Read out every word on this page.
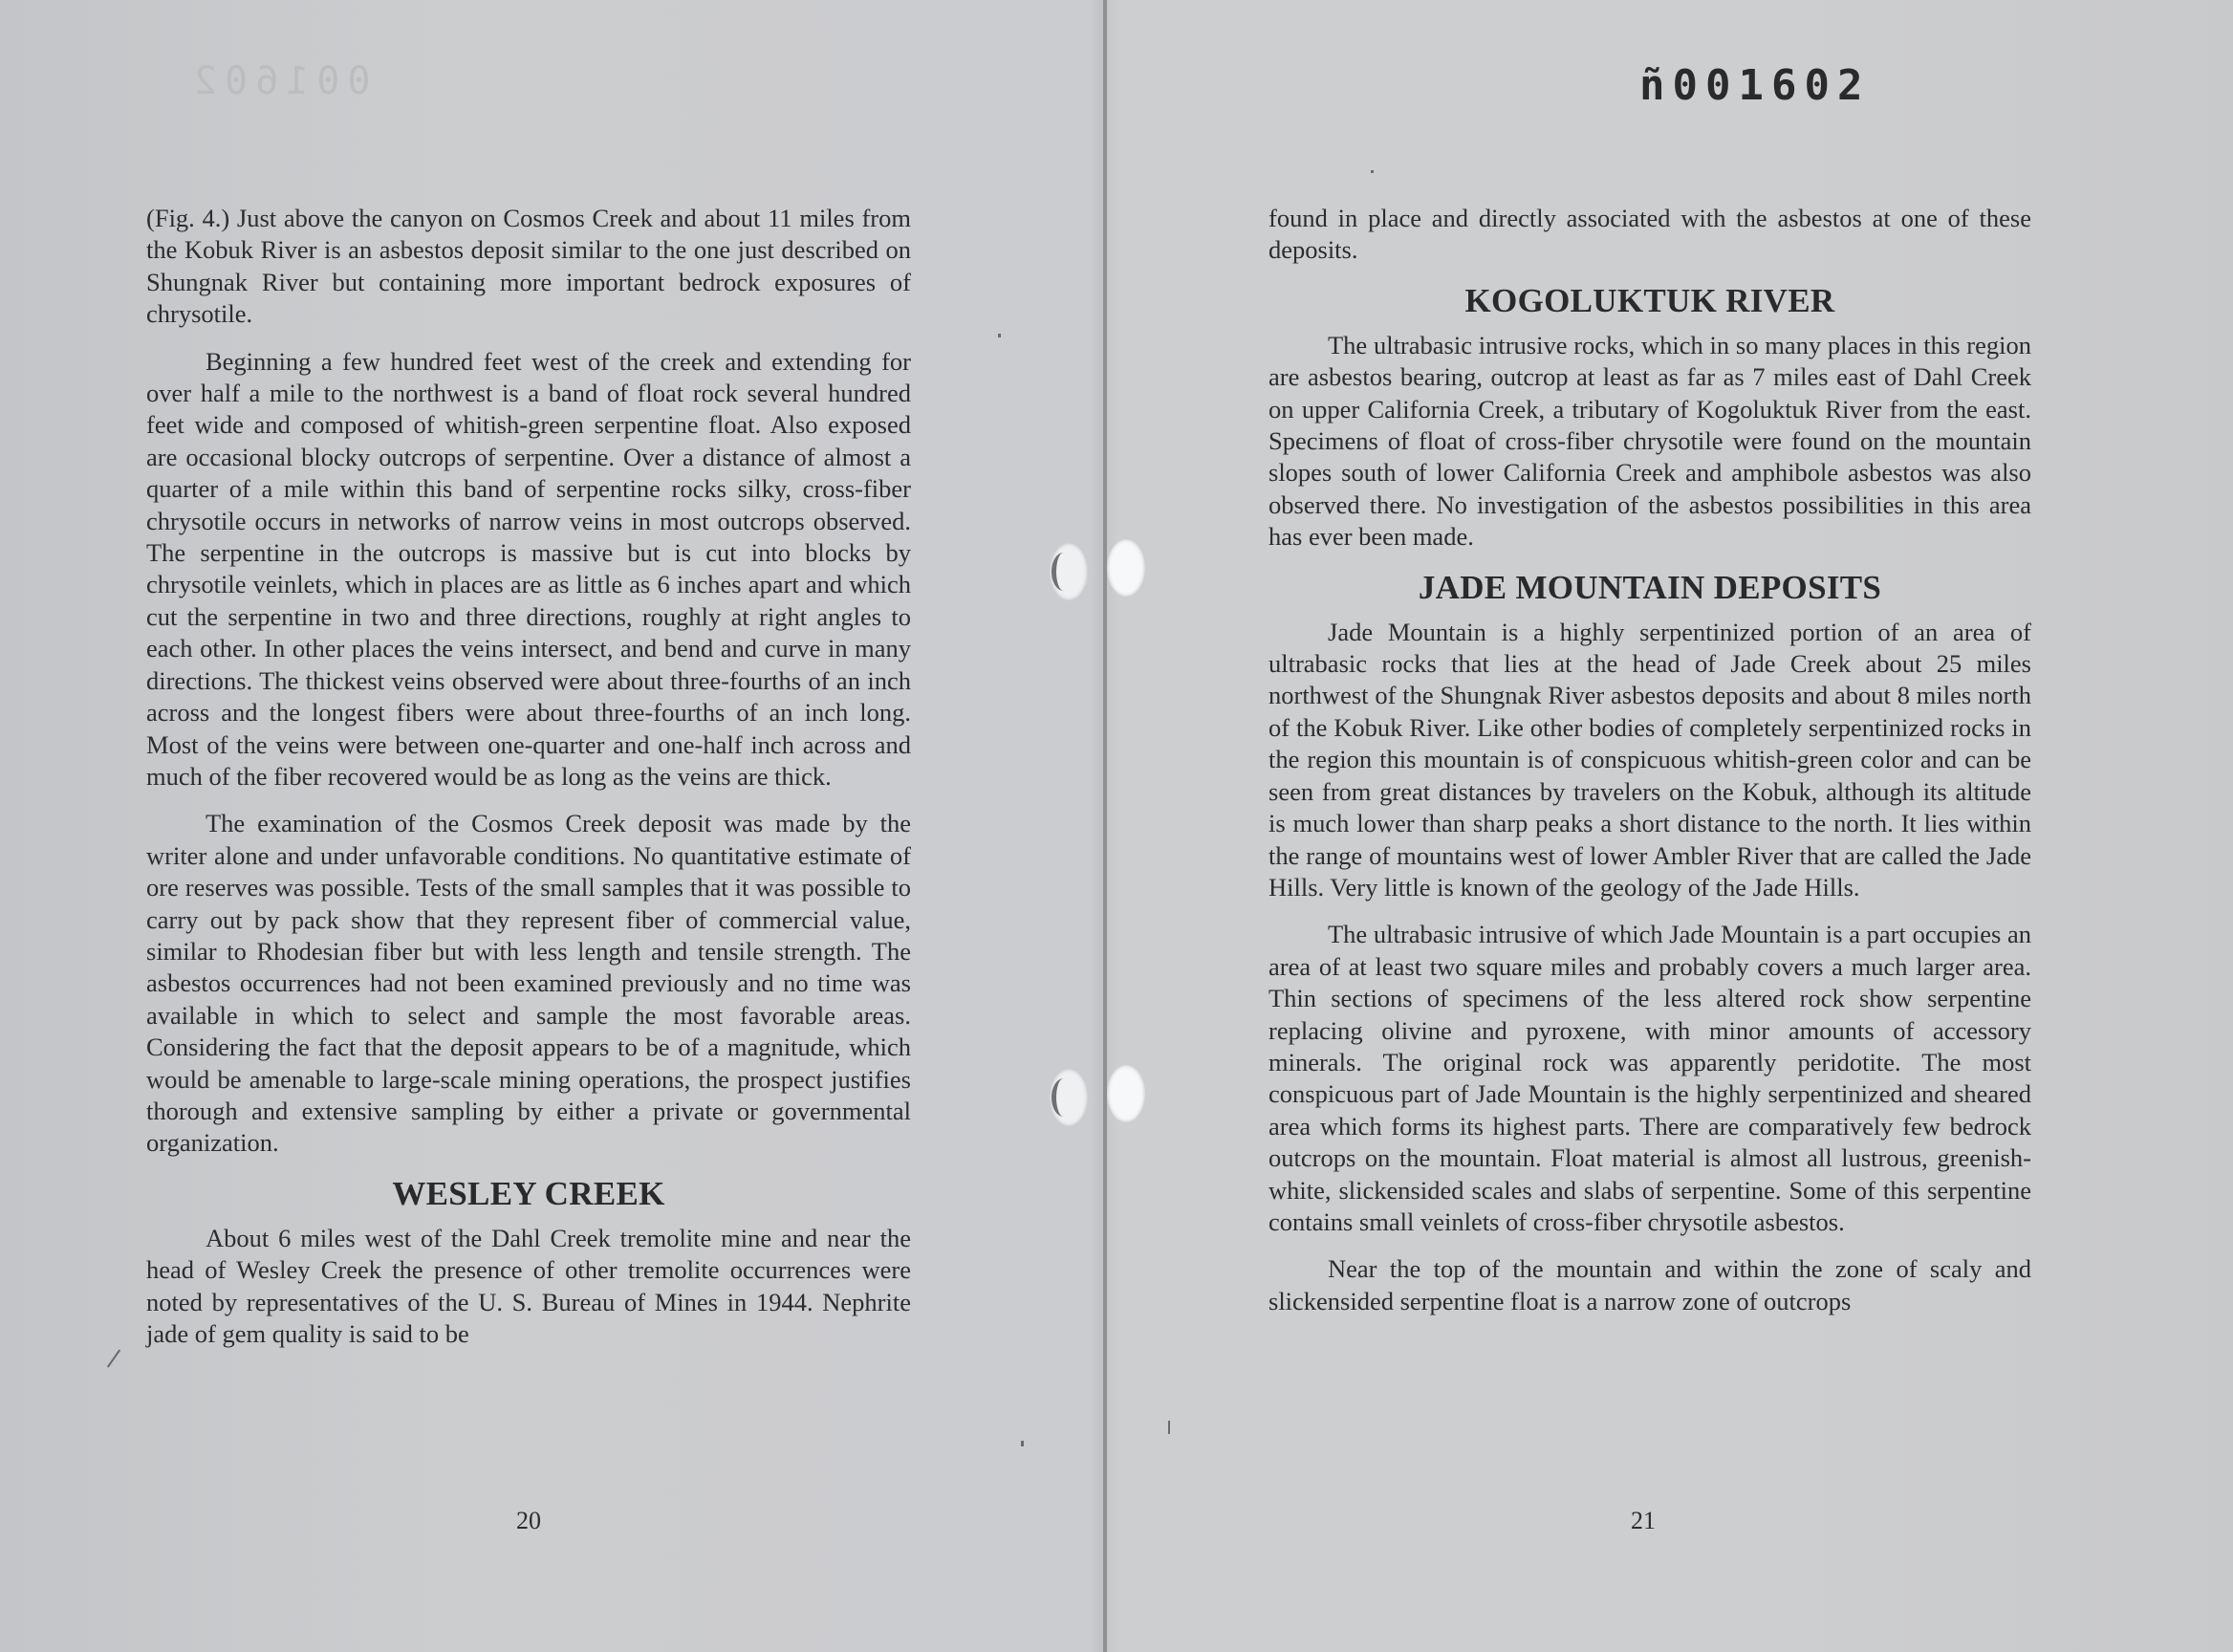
001602	ñ001602

(Fig. 4.) Just above the canyon on Cosmos Creek and about 11 miles from the Kobuk River is an asbestos deposit similar to the one just described on Shungnak River but containing more important bedrock exposures of chrysotile.

Beginning a few hundred feet west of the creek and extending for over half a mile to the northwest is a band of float rock several hundred feet wide and composed of whitish-green serpentine float. Also exposed are occasional blocky outcrops of serpentine. Over a distance of almost a quarter of a mile within this band of serpentine rocks silky, cross-fiber chrysotile occurs in networks of narrow veins in most outcrops observed. The serpentine in the outcrops is massive but is cut into blocks by chrysotile veinlets, which in places are as little as 6 inches apart and which cut the serpentine in two and three directions, roughly at right angles to each other. In other places the veins intersect, and bend and curve in many directions. The thickest veins observed were about three-fourths of an inch across and the longest fibers were about three-fourths of an inch long. Most of the veins were between one-quarter and one-half inch across and much of the fiber recovered would be as long as the veins are thick.

The examination of the Cosmos Creek deposit was made by the writer alone and under unfavorable conditions. No quantitative estimate of ore reserves was possible. Tests of the small samples that it was possible to carry out by pack show that they represent fiber of commercial value, similar to Rhodesian fiber but with less length and tensile strength. The asbestos occurrences had not been examined previously and no time was available in which to select and sample the most favorable areas. Considering the fact that the deposit appears to be of a magnitude, which would be amenable to large-scale mining operations, the prospect justifies thorough and extensive sampling by either a private or governmental organization.

WESLEY CREEK

About 6 miles west of the Dahl Creek tremolite mine and near the head of Wesley Creek the presence of other tremolite occurrences were noted by representatives of the U. S. Bureau of Mines in 1944. Nephrite jade of gem quality is said to be

20

found in place and directly associated with the asbestos at one of these deposits.

KOGOLUKTUK RIVER

The ultrabasic intrusive rocks, which in so many places in this region are asbestos bearing, outcrop at least as far as 7 miles east of Dahl Creek on upper California Creek, a tributary of Kogoluktuk River from the east. Specimens of float of cross-fiber chrysotile were found on the mountain slopes south of lower California Creek and amphibole asbestos was also observed there. No investigation of the asbestos possibilities in this area has ever been made.

JADE MOUNTAIN DEPOSITS

Jade Mountain is a highly serpentinized portion of an area of ultrabasic rocks that lies at the head of Jade Creek about 25 miles northwest of the Shungnak River asbestos deposits and about 8 miles north of the Kobuk River. Like other bodies of completely serpentinized rocks in the region this mountain is of conspicuous whitish-green color and can be seen from great distances by travelers on the Kobuk, although its altitude is much lower than sharp peaks a short distance to the north. It lies within the range of mountains west of lower Ambler River that are called the Jade Hills. Very little is known of the geology of the Jade Hills.

The ultrabasic intrusive of which Jade Mountain is a part occupies an area of at least two square miles and probably covers a much larger area. Thin sections of specimens of the less altered rock show serpentine replacing olivine and pyroxene, with minor amounts of accessory minerals. The original rock was apparently peridotite. The most conspicuous part of Jade Mountain is the highly serpentinized and sheared area which forms its highest parts. There are comparatively few bedrock outcrops on the mountain. Float material is almost all lustrous, greenish-white, slickensided scales and slabs of serpentine. Some of this serpentine contains small veinlets of cross-fiber chrysotile asbestos.

Near the top of the mountain and within the zone of scaly and slickensided serpentine float is a narrow zone of outcrops

21
